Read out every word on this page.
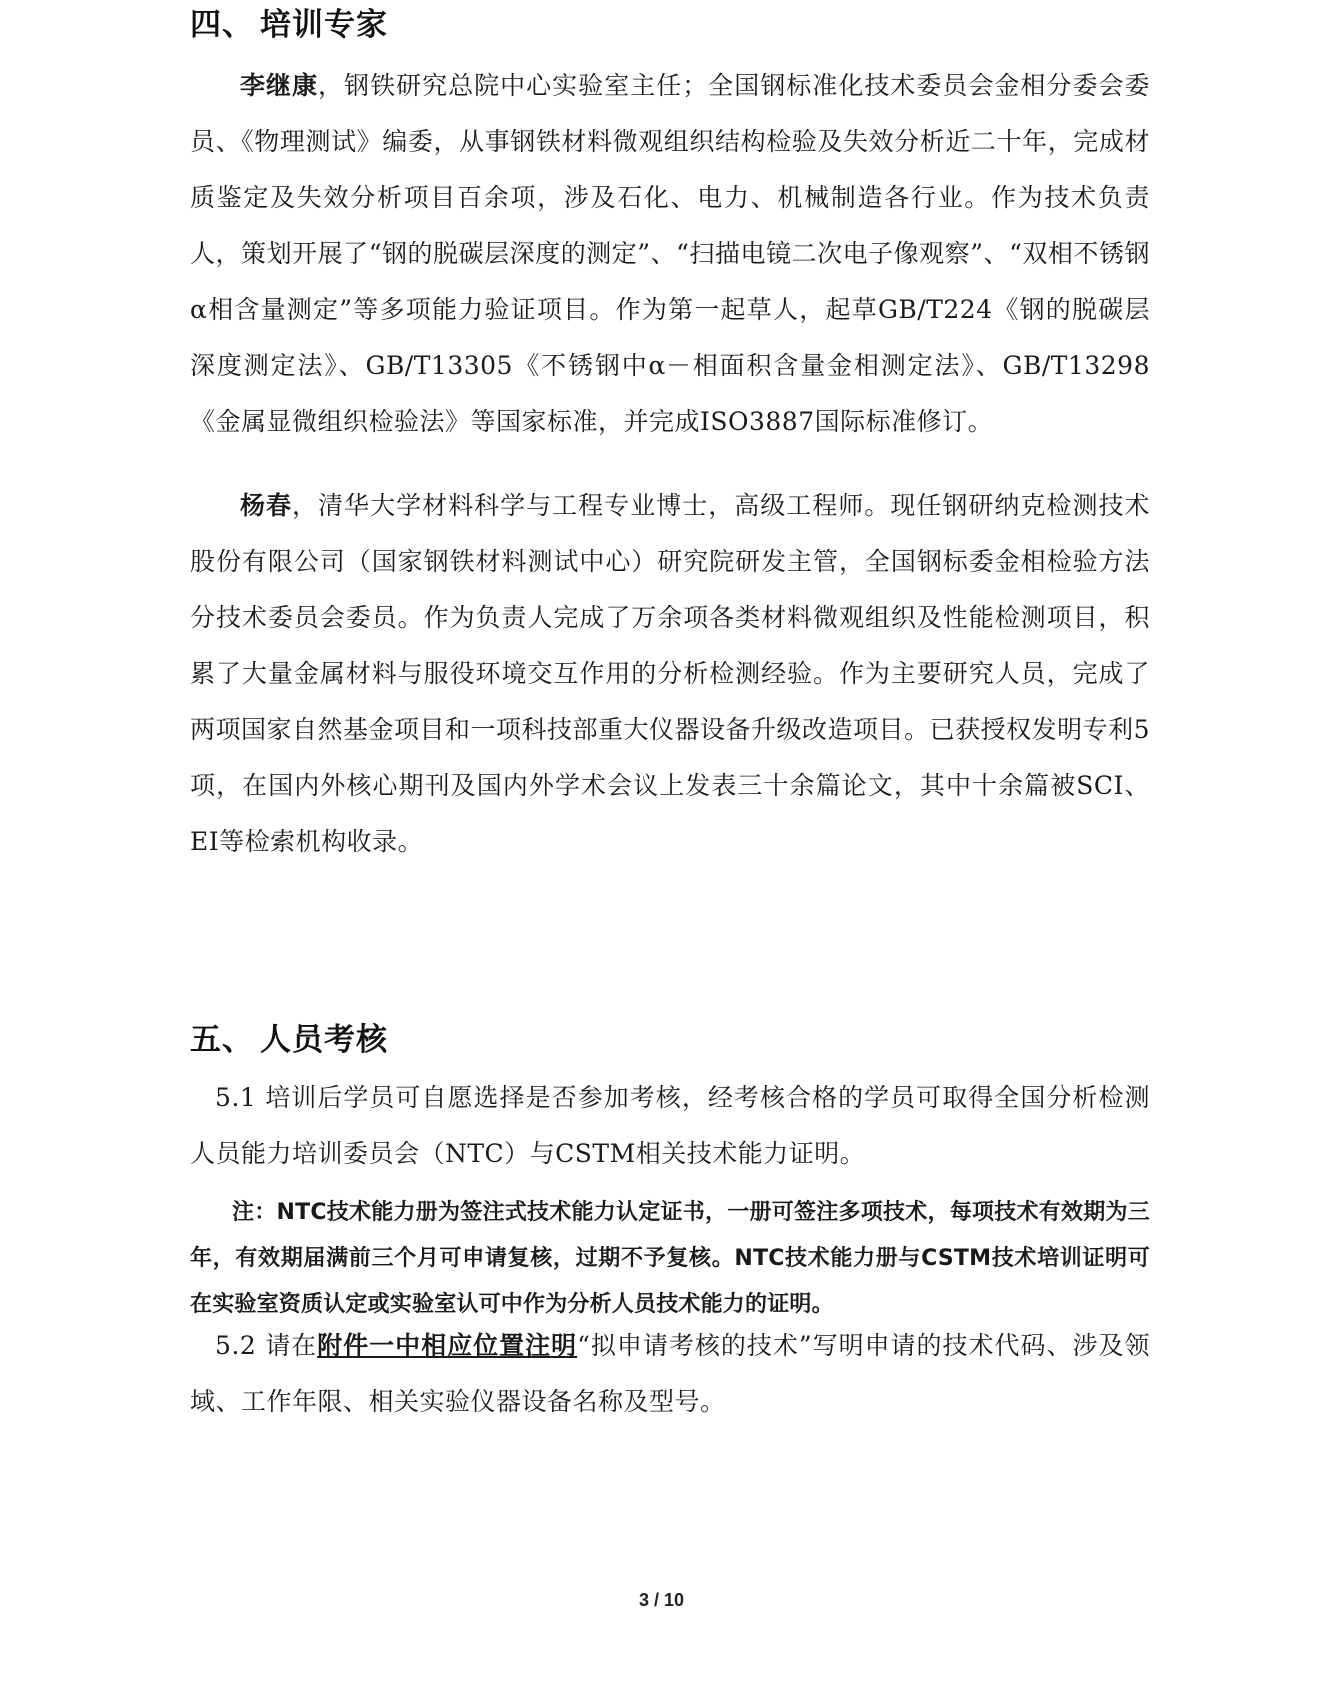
四、 培训专家

李继康，钢铁研究总院中心实验室主任；全国钢标准化技术委员会金相分委会委员、《物理测试》编委，从事钢铁材料微观组织结构检验及失效分析近二十年，完成材质鉴定及失效分析项目百余项，涉及石化、电力、机械制造各行业。作为技术负责人，策划开展了“钢的脱碳层深度的测定”、“扫描电镜二次电子像观察”、“双相不锈钢α相含量测定”等多项能力验证项目。作为第一起草人，起草GB/T224《钢的脱碳层深度测定法》、GB/T13305《不锈钢中α－相面积含量金相测定法》、GB/T13298《金属显微组织检验法》等国家标准，并完成ISO3887国际标准修订。

杨春，清华大学材料科学与工程专业博士，高级工程师。现任钢研纳克检测技术股份有限公司（国家钢铁材料测试中心）研究院研发主管，全国钢标委金相检验方法分技术委员会委员。作为负责人完成了万余项各类材料微观组织及性能检测项目，积累了大量金属材料与服役环境交互作用的分析检测经验。作为主要研究人员，完成了两项国家自然基金项目和一项科技部重大仪器设备升级改造项目。已获授权发明专利5项，在国内外核心期刊及国内外学术会议上发表三十余篇论文，其中十余篇被SCI、EI等检索机构收录。

五、 人员考核

5.1 培训后学员可自愿选择是否参加考核，经考核合格的学员可取得全国分析检测人员能力培训委员会（NTC）与CSTM相关技术能力证明。

注：NTC技术能力册为签注式技术能力认定证书，一册可签注多项技术，每项技术有效期为三年，有效期届满前三个月可申请复核，过期不予复核。NTC技术能力册与CSTM技术培训证明可在实验室资质认定或实验室认可中作为分析人员技术能力的证明。

5.2 请在附件一中相应位置注明“拟申请考核的技术”写明申请的技术代码、涉及领域、工作年限、相关实验仪器设备名称及型号。

3 / 10
